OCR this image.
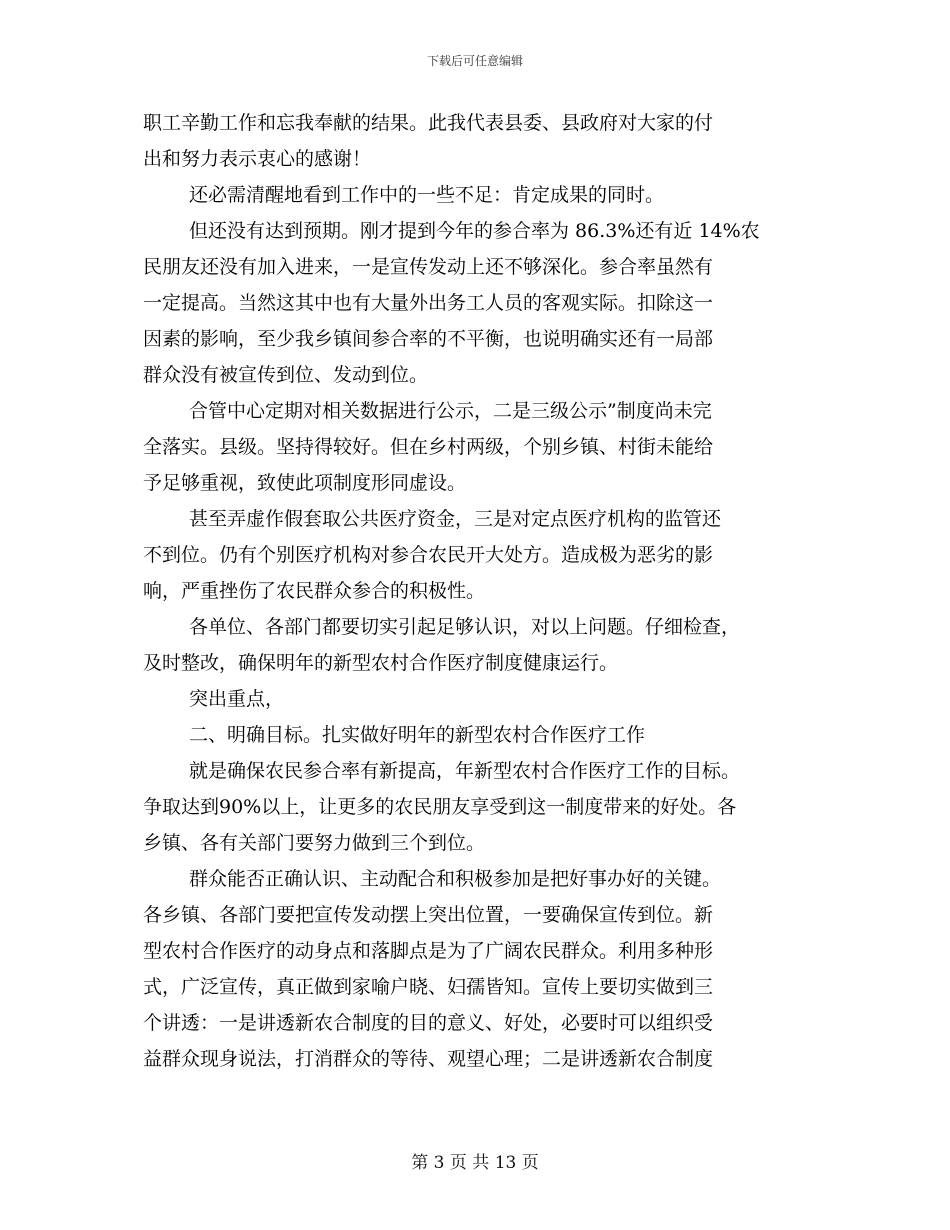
下载后可任意编辑
职工辛勤工作和忘我奉献的结果。此我代表县委、县政府对大家的付
出和努力表示衷心的感谢！
还必需清醒地看到工作中的一些不足：肯定成果的同时。
但还没有达到预期。刚才提到今年的参合率为 86.3%还有近 14%农
民朋友还没有加入进来，一是宣传发动上还不够深化。参合率虽然有
一定提高。当然这其中也有大量外出务工人员的客观实际。扣除这一
因素的影响，至少我乡镇间参合率的不平衡，也说明确实还有一局部
群众没有被宣传到位、发动到位。
合管中心定期对相关数据进行公示，二是三级公示”制度尚未完
全落实。县级。坚持得较好。但在乡村两级，个别乡镇、村街未能给
予足够重视，致使此项制度形同虚设。
甚至弄虚作假套取公共医疗资金，三是对定点医疗机构的监管还
不到位。仍有个别医疗机构对参合农民开大处方。造成极为恶劣的影
响，严重挫伤了农民群众参合的积极性。
各单位、各部门都要切实引起足够认识，对以上问题。仔细检查，
及时整改，确保明年的新型农村合作医疗制度健康运行。
突出重点，
二、明确目标。扎实做好明年的新型农村合作医疗工作
就是确保农民参合率有新提高，年新型农村合作医疗工作的目标。
争取达到90%以上，让更多的农民朋友享受到这一制度带来的好处。各
乡镇、各有关部门要努力做到三个到位。
群众能否正确认识、主动配合和积极参加是把好事办好的关键。
各乡镇、各部门要把宣传发动摆上突出位置，一要确保宣传到位。新
型农村合作医疗的动身点和落脚点是为了广阔农民群众。利用多种形
式，广泛宣传，真正做到家喻户晓、妇孺皆知。宣传上要切实做到三
个讲透：一是讲透新农合制度的目的意义、好处，必要时可以组织受
益群众现身说法，打消群众的等待、观望心理；二是讲透新农合制度
第 3 页 共 13 页
